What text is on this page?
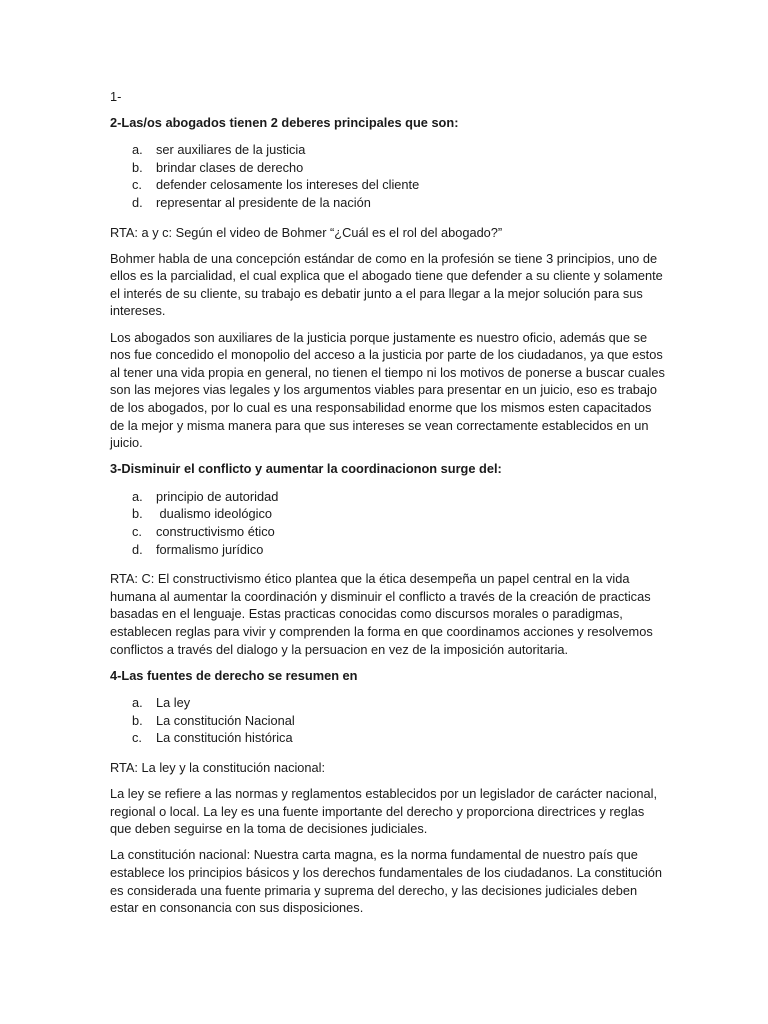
1-

2-Las/os abogados tienen 2 deberes principales que son:

a.	ser auxiliares de la justicia
b.	brindar clases de derecho
c.	defender celosamente los intereses del cliente
d.	representar al presidente de la nación

RTA: a y c: Según el video de Bohmer “¿Cuál es el rol del abogado?”

Bohmer habla de una concepción estándar de como en la profesión se tiene 3 principios, uno de ellos es la parcialidad, el cual explica que el abogado tiene que defender a su cliente y solamente el interés de su cliente, su trabajo es debatir junto a el para llegar a la mejor solución para sus intereses.

Los abogados son auxiliares de la justicia porque justamente es nuestro oficio, además que se nos fue concedido el monopolio del acceso a la justicia por parte de los ciudadanos, ya que estos al tener una vida propia en general, no tienen el tiempo ni los motivos de ponerse a buscar cuales son las mejores vias legales y los argumentos viables para presentar en un juicio, eso es trabajo de los abogados, por lo cual es una responsabilidad enorme que los mismos esten capacitados de la mejor y misma manera para que sus intereses se vean correctamente establecidos en un juicio.

3-Disminuir el conflicto y aumentar la coordinacionon surge del:

a.	principio de autoridad
b.	dualismo ideológico
c.	constructivismo ético
d.	formalismo jurídico

RTA: C: El constructivismo ético plantea que la ética desempeña un papel central en la vida humana al aumentar la coordinación y disminuir el conflicto a través de la creación de practicas basadas en el lenguaje. Estas practicas conocidas como discursos morales o paradigmas, establecen reglas para vivir y comprenden la forma en que coordinamos acciones y resolvemos conflictos a través del dialogo y la persuacion en vez de la imposición autoritaria.

4-Las fuentes de derecho se resumen en

a.	La ley
b.	La constitución Nacional
c.	La constitución histórica

RTA: La ley y la constitución nacional:

La ley se refiere a las normas y reglamentos establecidos por un legislador de carácter nacional, regional o local. La ley es una fuente importante del derecho y proporciona directrices y reglas que deben seguirse en la toma de decisiones judiciales.

La constitución nacional: Nuestra carta magna, es la norma fundamental de nuestro país que establece los principios básicos y los derechos fundamentales de los ciudadanos. La constitución es considerada una fuente primaria y suprema del derecho, y las decisiones judiciales deben estar en consonancia con sus disposiciones.
